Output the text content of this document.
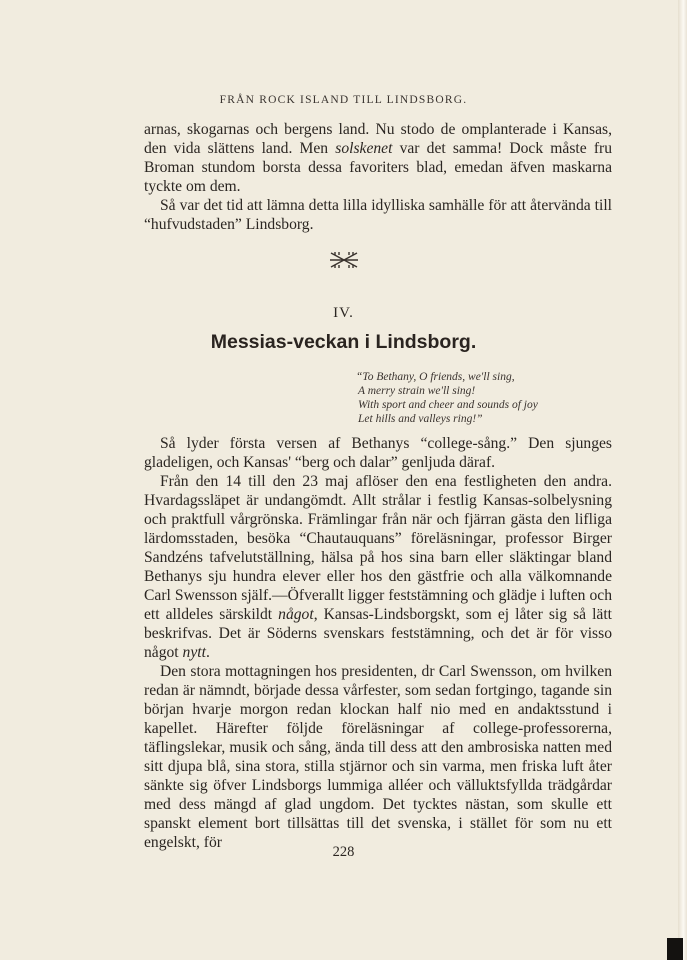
FRÅN ROCK ISLAND TILL LINDSBORG.

arnas, skogarnas och bergens land. Nu stodo de omplanterade i Kansas, den vida slättens land. Men solskenet var det samma! Dock måste fru Broman stundom borsta dessa favoriters blad, emedan äfven maskarna tyckte om dem.

Så var det tid att lämna detta lilla idylliska samhälle för att återvända till “hufvudstaden” Lindsborg.

IV.
Messias-veckan i Lindsborg.
“To Bethany, O friends, we'll sing,
A merry strain we'll sing!
With sport and cheer and sounds of joy
Let hills and valleys ring!”

Så lyder första versen af Bethanys “college-sång.” Den sjunges gladeligen, och Kansas' “berg och dalar” genljuda däraf.

Från den 14 till den 23 maj aflöser den ena festligheten den andra. Hvardagssläpet är undangömdt. Allt strålar i festlig Kansas-solbelysning och praktfull vårgrönska. Främlingar från när och fjärran gästa den lifliga lärdomsstaden, besöka “Chautauquans” föreläsningar, professor Birger Sandzéns tafvelutställning, hälsa på hos sina barn eller släktingar bland Bethanys sju hundra elever eller hos den gästfrie och alla välkomnande Carl Swensson själf.—Öfverallt ligger feststämning och glädje i luften och ett alldeles särskildt något, Kansas-Lindsborgskt, som ej låter sig så lätt beskrifvas. Det är Söderns svenskars feststämning, och det är för visso något nytt.

Den stora mottagningen hos presidenten, dr Carl Swensson, om hvilken redan är nämndt, började dessa vårfester, som sedan fortgingo, tagande sin början hvarje morgon redan klockan half nio med en andaktsstund i kapellet. Härefter följde föreläsningar af college-professorerna, täflingslekar, musik och sång, ända till dess att den ambrosiska natten med sitt djupa blå, sina stora, stilla stjärnor och sin varma, men friska luft åter sänkte sig öfver Lindsborgs lummiga alléer och välluktsfyllda trädgårdar med dess mängd af glad ungdom. Det tycktes nästan, som skulle ett spanskt element bort tillsättas till det svenska, i stället för som nu ett engelskt, för

228
